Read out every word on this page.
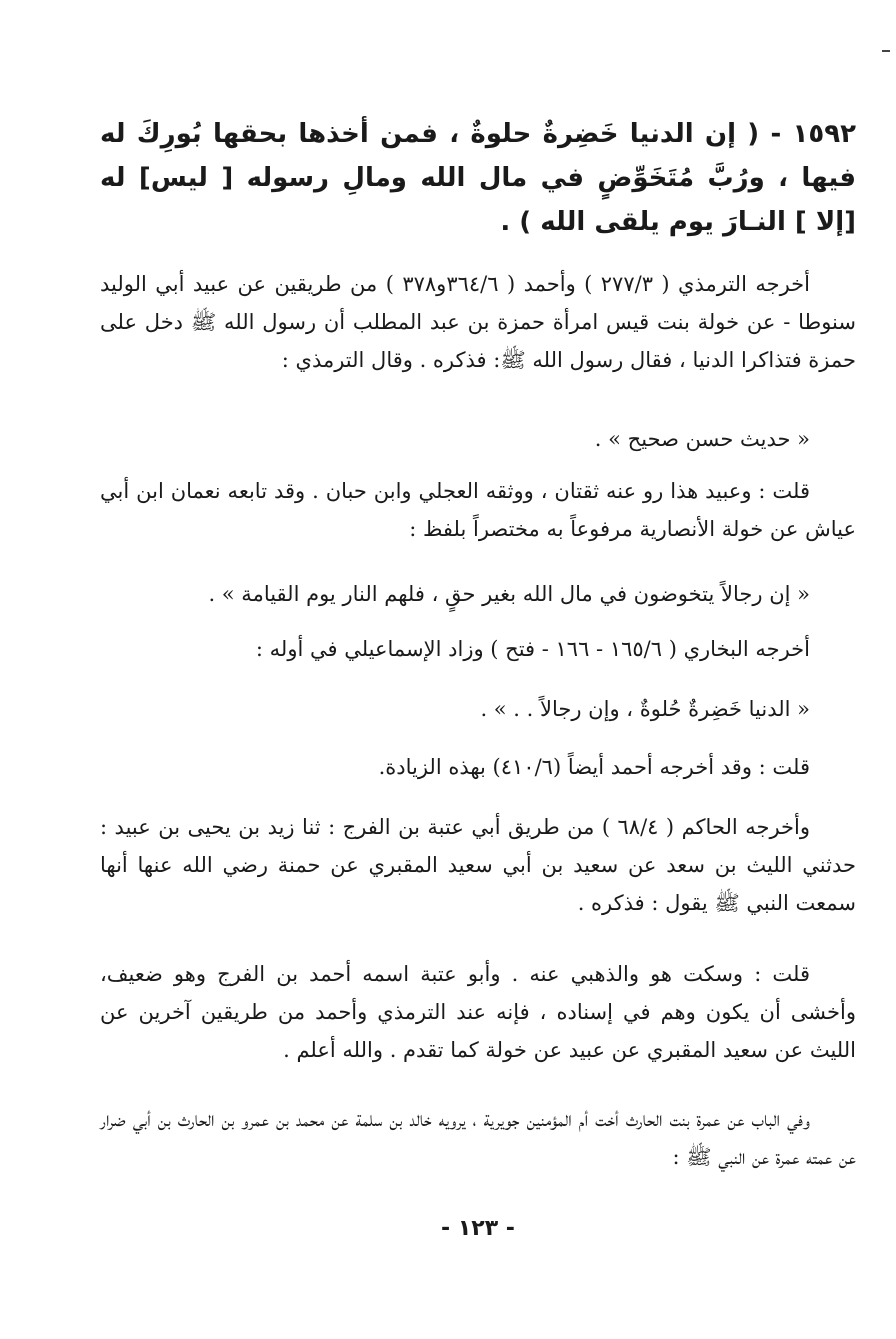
١٥٩٢ - ( إن الدنيا خَضِرةٌ حلوةٌ ، فمن أخذها بحقها بُورِكَ له فيها ، ورُبَّ مُتَخَوِّضٍ في مال الله ومالِ رسوله [ ليس] له [إلا ] النـارَ يوم يلقى الله ) .
أخرجه الترمذي ( ٢٧٧/٣ ) وأحمد ( ٣٦٤/٦و٣٧٨ ) من طريقين عن عبيد أبي الوليد سنوطا - عن خولة بنت قيس امرأة حمزة بن عبد المطلب أن رسول الله ﷺ دخل على حمزة فتذاكرا الدنيا ، فقال رسول الله ﷺ: فذكره . وقال الترمذي :
« حديث حسن صحيح » .
قلت : وعبيد هذا رو عنه ثقتان ، ووثقه العجلي وابن حبان . وقد تابعه نعمان ابن أبي عياش عن خولة الأنصارية مرفوعاً به مختصراً بلفظ :
« إن رجالاً يتخوضون في مال الله بغير حقٍ ، فلهم النار يوم القيامة » .
أخرجه البخاري ( ١٦٥/٦ - ١٦٦ - فتح ) وزاد الإسماعيلي في أوله :
« الدنيا خَضِرةٌ حُلوةٌ ، وإن رجالاً . . » .
قلت : وقد أخرجه أحمد أيضاً (٤١٠/٦) بهذه الزيادة.
وأخرجه الحاكم ( ٦٨/٤ ) من طريق أبي عتبة بن الفرج : ثنا زيد بن يحيى بن عبيد : حدثني الليث بن سعد عن سعيد بن أبي سعيد المقبري عن حمنة رضي الله عنها أنها سمعت النبي ﷺ يقول : فذكره .
قلت : وسكت هو والذهبي عنه . وأبو عتبة اسمه أحمد بن الفرج وهو ضعيف، وأخشى أن يكون وهم في إسناده ، فإنه عند الترمذي وأحمد من طريقين آخرين عن الليث عن سعيد المقبري عن عبيد عن خولة كما تقدم . والله أعلم .
وفي الباب عن عمرة بنت الحارث أخت أم المؤمنين جويرية ، يرويه خالد بن سلمة عن محمد بن عمرو بن الحارث بن أبي ضرار عن عمته عمرة عن النبي ﷺ :
- ١٢٣ -
